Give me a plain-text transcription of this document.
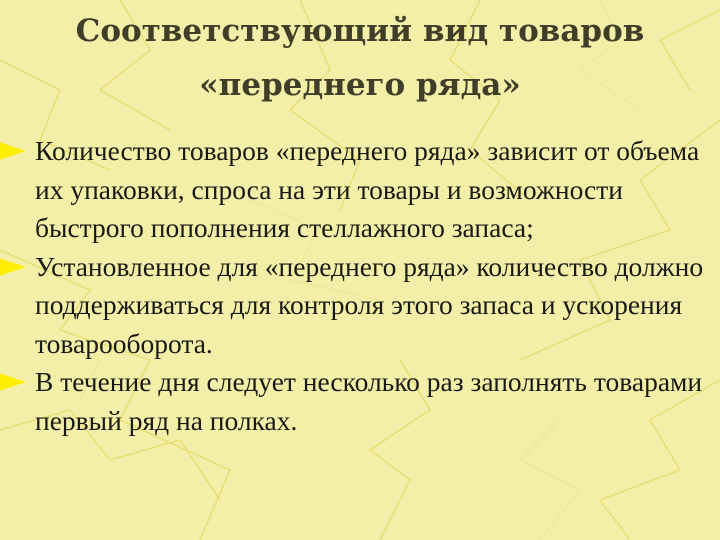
Соответствующий вид товаров
«переднего ряда»
Количество товаров «переднего ряда» зависит от объема их упаковки, спроса на эти товары и возможности быстрого пополнения стеллажного запаса;
Установленное для «переднего ряда» количество должно поддерживаться для контроля этого запаса и ускорения товарооборота.
В течение дня следует несколько раз заполнять товарами первый ряд на полках.
